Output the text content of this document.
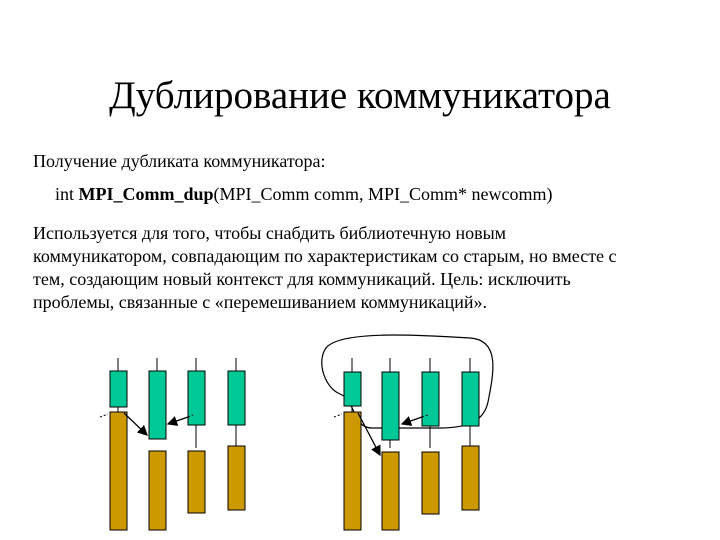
Дублирование коммуникатора
Получение дубликата коммуникатора:
int MPI_Comm_dup(MPI_Comm comm, MPI_Comm* newcomm)
Используется для того, чтобы снабдить библиотечную новым
коммуникатором, совпадающим по характеристикам со старым, но вместе с
тем, создающим новый контекст для коммуникаций. Цель: исключить
проблемы, связанные с «перемешиванием коммуникаций».
